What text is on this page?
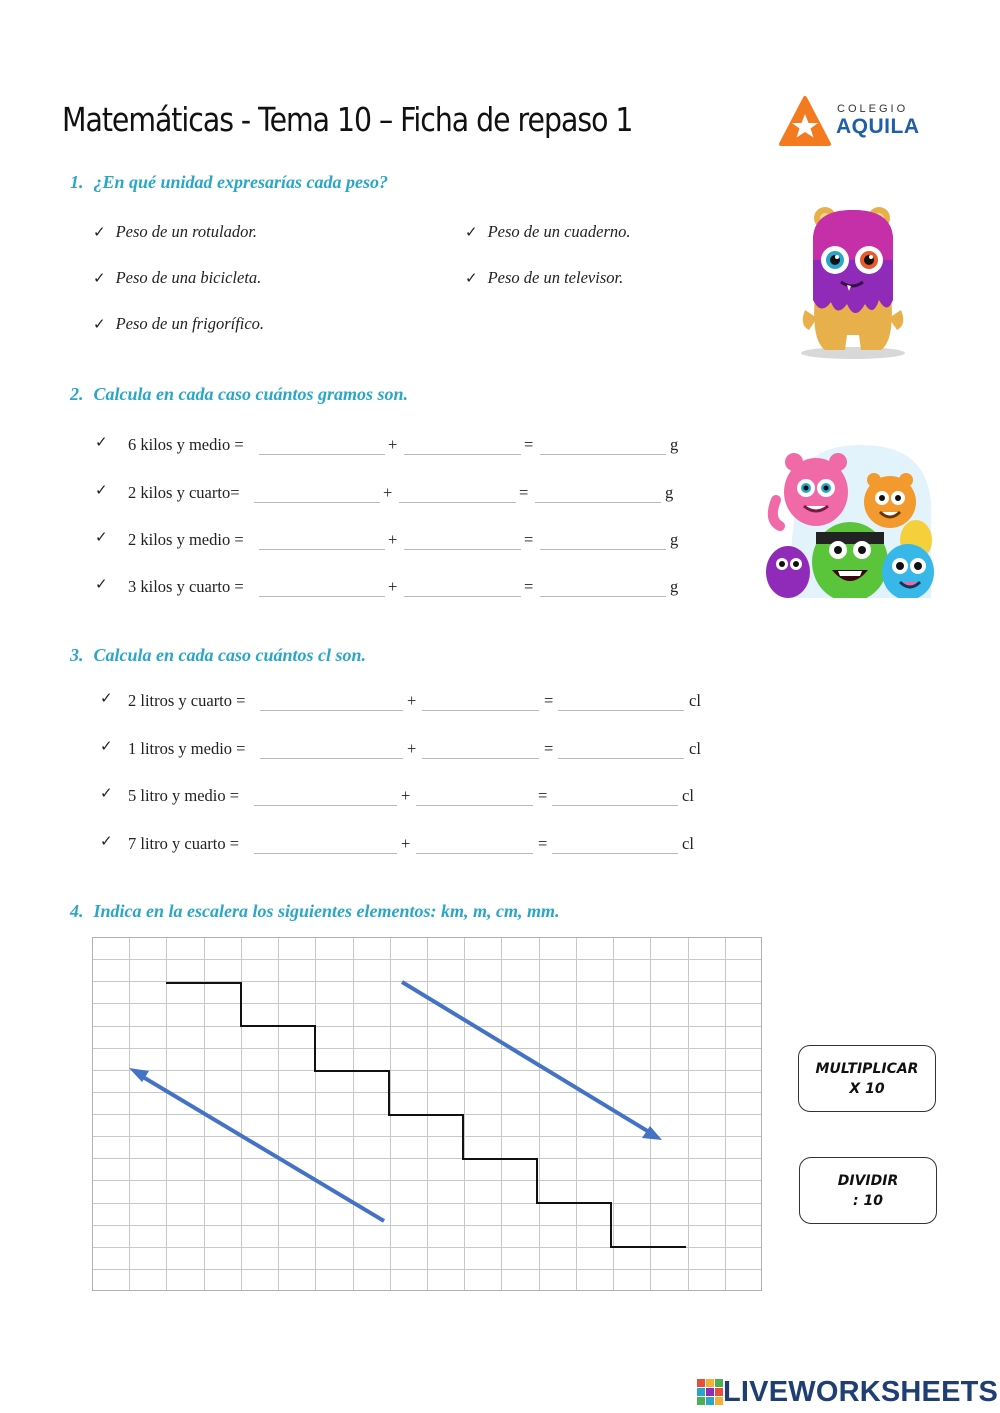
Matemáticas - Tema 10 – Ficha de repaso 1	COLEGIO
AQUILA
1. ¿En qué unidad expresarías cada peso?
✓ Peso de un rotulador.	✓ Peso de un cuaderno.
✓ Peso de una bicicleta.	✓ Peso de un televisor.
✓ Peso de un frigorífico.
2. Calcula en cada caso cuántos gramos son.
✓ 6 kilos y medio =	+	=	g
✓ 2 kilos y cuarto=	+	=	g
✓ 2 kilos y medio =	+	=	g
✓ 3 kilos y cuarto =	+	=	g
3. Calcula en cada caso cuántos cl son.
✓ 2 litros y cuarto =	+	=	cl
✓ 1 litros y medio =	+	=	cl
✓ 5 litro y medio =	+	=	cl
✓ 7 litro y cuarto =	+	=	cl
4. Indica en la escalera los siguientes elementos: km, m, cm, mm.
MULTIPLICAR
X 10
DIVIDIR
: 10
LIVEWORKSHEETS
